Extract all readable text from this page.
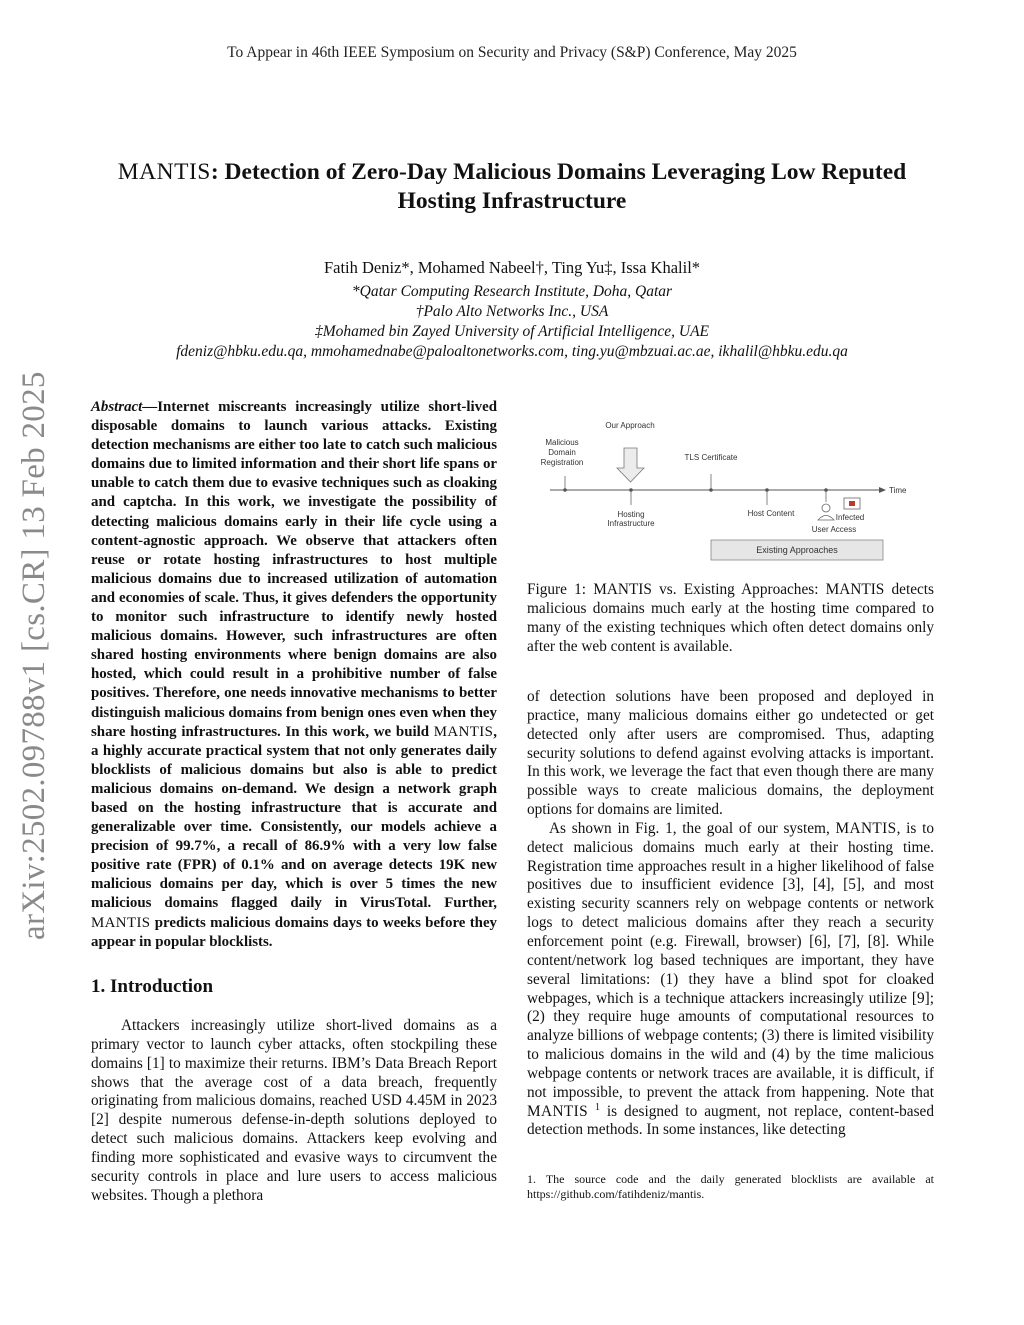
To Appear in 46th IEEE Symposium on Security and Privacy (S&P) Conference, May 2025
MANTIS: Detection of Zero-Day Malicious Domains Leveraging Low Reputed Hosting Infrastructure
Fatih Deniz*, Mohamed Nabeel†, Ting Yu‡, Issa Khalil*
*Qatar Computing Research Institute, Doha, Qatar
†Palo Alto Networks Inc., USA
‡Mohamed bin Zayed University of Artificial Intelligence, UAE
fdeniz@hbku.edu.qa, mmohamednabe@paloaltonetworks.com, ting.yu@mbzuai.ac.ae, ikhalil@hbku.edu.qa
arXiv:2502.09788v1 [cs.CR] 13 Feb 2025	Abstract—Internet miscreants increasingly utilize short-lived disposable domains to launch various attacks. Existing detection mechanisms are either too late to catch such malicious domains due to limited information and their short life spans or unable to catch them due to evasive techniques such as cloaking and captcha. In this work, we investigate the possibility of detecting malicious domains early in their life cycle using a content-agnostic approach. We observe that attackers often reuse or rotate hosting infrastructures to host multiple malicious domains due to increased utilization of automation and economies of scale. Thus, it gives defenders the opportunity to monitor such infrastructure to identify newly hosted malicious domains. However, such infrastructures are often shared hosting environments where benign domains are also hosted, which could result in a prohibitive number of false positives. Therefore, one needs innovative mechanisms to better distinguish malicious domains from benign ones even when they share hosting infrastructures. In this work, we build MANTIS, a highly accurate practical system that not only generates daily blocklists of malicious domains but also is able to predict malicious domains on-demand. We design a network graph based on the hosting infrastructure that is accurate and generalizable over time. Consistently, our models achieve a precision of 99.7%, a recall of 86.9% with a very low false positive rate (FPR) of 0.1% and on average detects 19K new malicious domains per day, which is over 5 times the new malicious domains flagged daily in VirusTotal. Further, MANTIS predicts malicious domains days to weeks before they appear in popular blocklists.
1. Introduction

Attackers increasingly utilize short-lived domains as a primary vector to launch cyber attacks, often stockpiling these domains [1] to maximize their returns. IBM’s Data Breach Report shows that the average cost of a data breach, frequently originating from malicious domains, reached USD 4.45M in 2023 [2] despite numerous defense-in-depth solutions deployed to detect such malicious domains. Attackers keep evolving and finding more sophisticated and evasive ways to circumvent the security controls in place and lure users to access malicious websites. Though a plethora

Time
Malicious
Domain
Registration
Our Approach
Hosting
Infrastructure
TLS Certificate
Host Content	Infected
User Access
Existing Approaches
Figure 1: MANTIS vs. Existing Approaches: MANTIS detects malicious domains much early at the hosting time compared to many of the existing techniques which often detect domains only after the web content is available.

of detection solutions have been proposed and deployed in practice, many malicious domains either go undetected or get detected only after users are compromised. Thus, adapting security solutions to defend against evolving attacks is important. In this work, we leverage the fact that even though there are many possible ways to create malicious domains, the deployment options for domains are limited.

As shown in Fig. 1, the goal of our system, MANTIS, is to detect malicious domains much early at their hosting time. Registration time approaches result in a higher likelihood of false positives due to insufficient evidence [3], [4], [5], and most existing security scanners rely on webpage contents or network logs to detect malicious domains after they reach a security enforcement point (e.g. Firewall, browser) [6], [7], [8]. While content/network log based techniques are important, they have several limitations: (1) they have a blind spot for cloaked webpages, which is a technique attackers increasingly utilize [9]; (2) they require huge amounts of computational resources to analyze billions of webpage contents; (3) there is limited visibility to malicious domains in the wild and (4) by the time malicious webpage contents or network traces are available, it is difficult, if not impossible, to prevent the attack from happening. Note that MANTIS $^1$ is designed to augment, not replace, content-based detection methods. In some instances, like detecting

1. The source code and the daily generated blocklists are available at https://github.com/fatihdeniz/mantis.
